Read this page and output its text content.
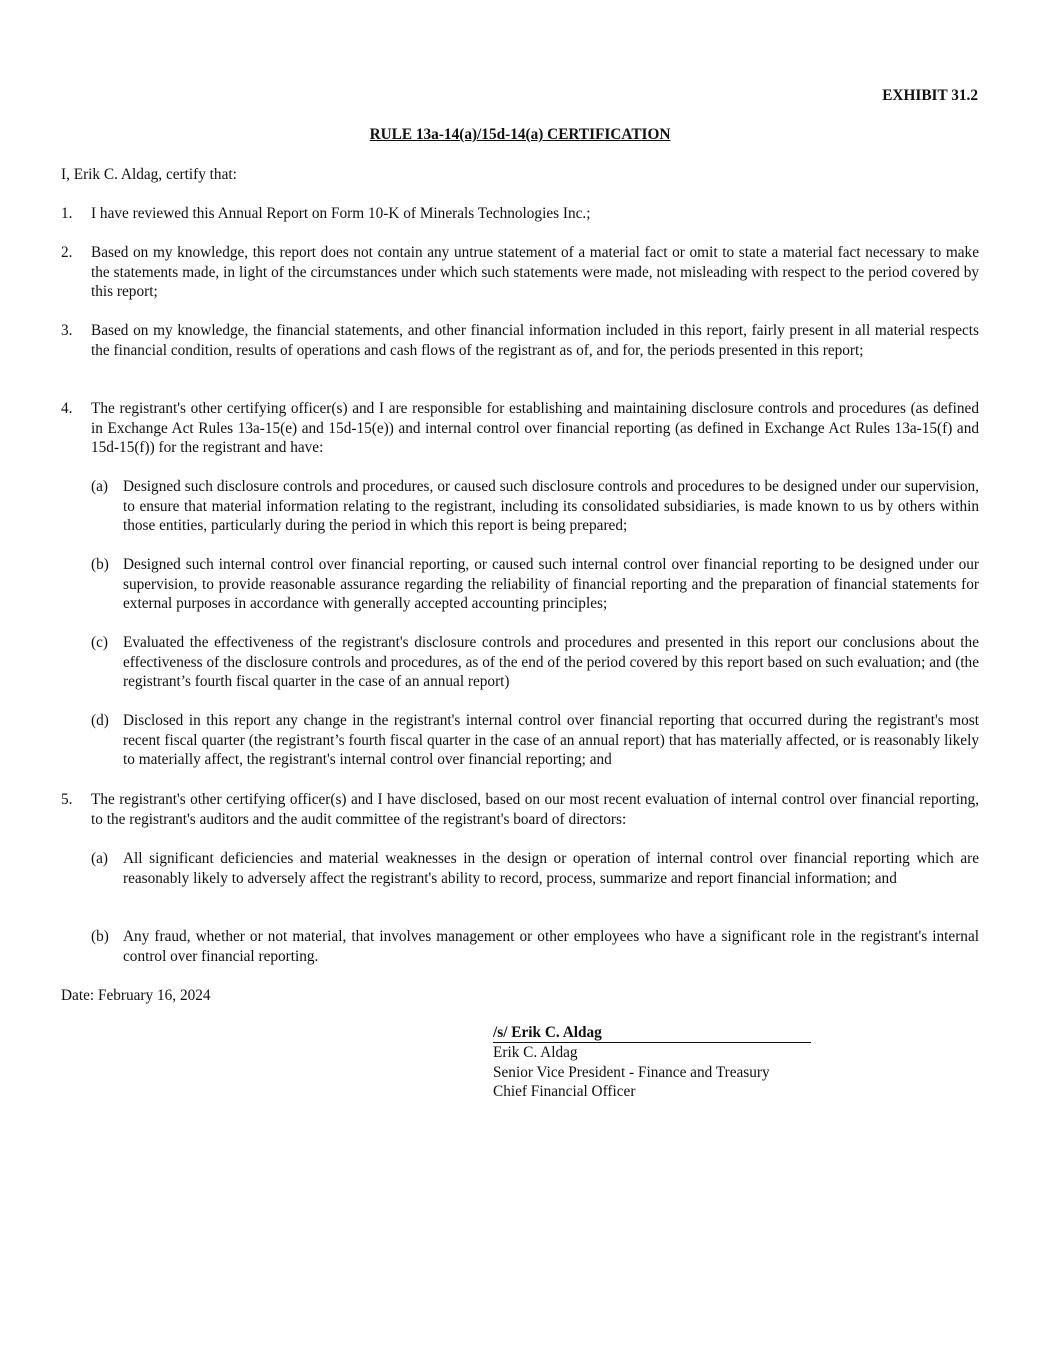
EXHIBIT 31.2
RULE 13a-14(a)/15d-14(a) CERTIFICATION
I, Erik C. Aldag, certify that:
1. I have reviewed this Annual Report on Form 10-K of Minerals Technologies Inc.;
2. Based on my knowledge, this report does not contain any untrue statement of a material fact or omit to state a material fact necessary to make the statements made, in light of the circumstances under which such statements were made, not misleading with respect to the period covered by this report;
3. Based on my knowledge, the financial statements, and other financial information included in this report, fairly present in all material respects the financial condition, results of operations and cash flows of the registrant as of, and for, the periods presented in this report;
4. The registrant's other certifying officer(s) and I are responsible for establishing and maintaining disclosure controls and procedures (as defined in Exchange Act Rules 13a-15(e) and 15d-15(e)) and internal control over financial reporting (as defined in Exchange Act Rules 13a-15(f) and 15d-15(f)) for the registrant and have:
(a) Designed such disclosure controls and procedures, or caused such disclosure controls and procedures to be designed under our supervision, to ensure that material information relating to the registrant, including its consolidated subsidiaries, is made known to us by others within those entities, particularly during the period in which this report is being prepared;
(b) Designed such internal control over financial reporting, or caused such internal control over financial reporting to be designed under our supervision, to provide reasonable assurance regarding the reliability of financial reporting and the preparation of financial statements for external purposes in accordance with generally accepted accounting principles;
(c) Evaluated the effectiveness of the registrant's disclosure controls and procedures and presented in this report our conclusions about the effectiveness of the disclosure controls and procedures, as of the end of the period covered by this report based on such evaluation; and (the registrant’s fourth fiscal quarter in the case of an annual report)
(d) Disclosed in this report any change in the registrant's internal control over financial reporting that occurred during the registrant's most recent fiscal quarter (the registrant’s fourth fiscal quarter in the case of an annual report) that has materially affected, or is reasonably likely to materially affect, the registrant's internal control over financial reporting; and
5. The registrant's other certifying officer(s) and I have disclosed, based on our most recent evaluation of internal control over financial reporting, to the registrant's auditors and the audit committee of the registrant's board of directors:
(a) All significant deficiencies and material weaknesses in the design or operation of internal control over financial reporting which are reasonably likely to adversely affect the registrant's ability to record, process, summarize and report financial information; and
(b) Any fraud, whether or not material, that involves management or other employees who have a significant role in the registrant's internal control over financial reporting.
Date: February 16, 2024
/s/ Erik C. Aldag
Erik C. Aldag
Senior Vice President - Finance and Treasury
Chief Financial Officer
